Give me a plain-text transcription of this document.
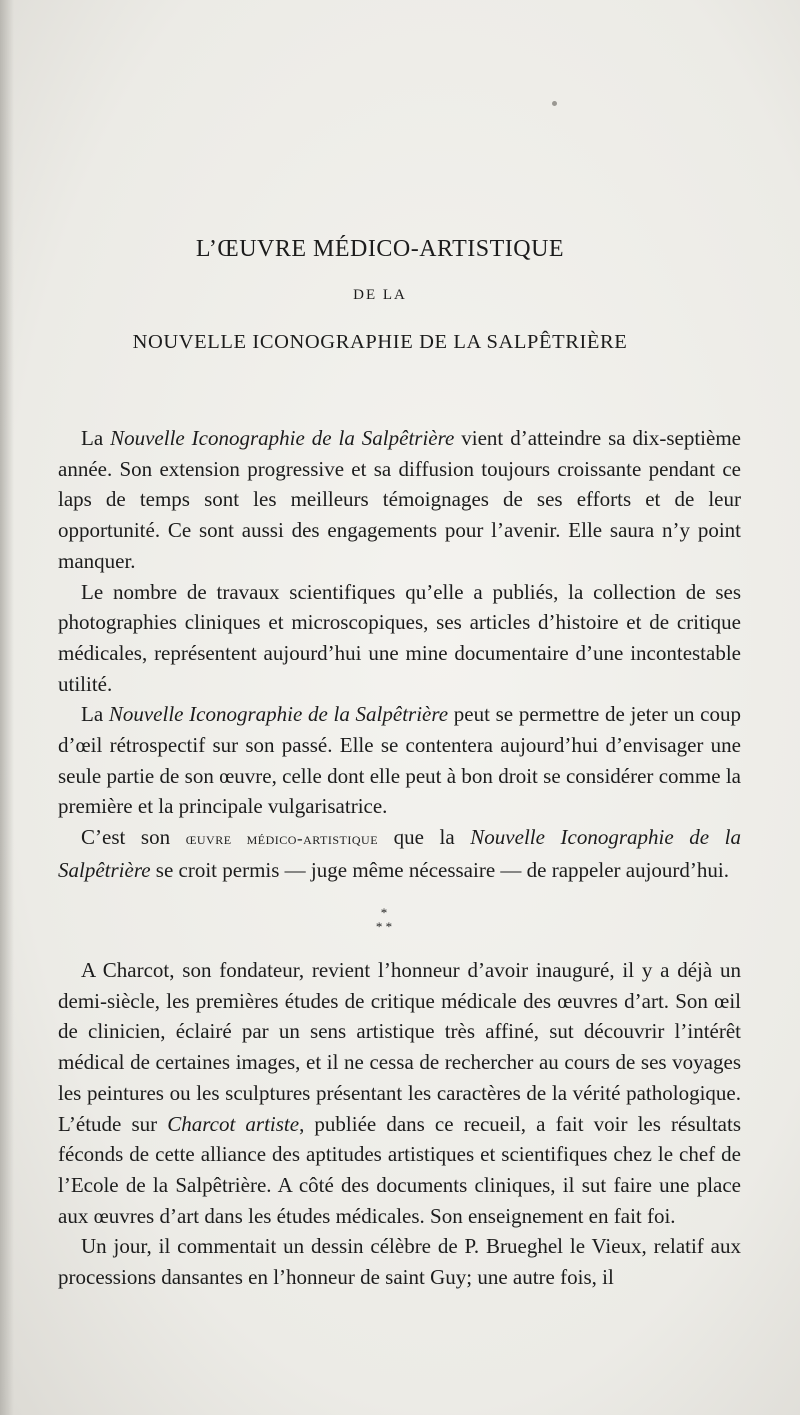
L’ŒUVRE MÉDICO-ARTISTIQUE
DE LA
NOUVELLE ICONOGRAPHIE DE LA SALPÊTRIÈRE

La Nouvelle Iconographie de la Salpêtrière vient d’atteindre sa dix-septième année. Son extension progressive et sa diffusion toujours croissante pendant ce laps de temps sont les meilleurs témoignages de ses efforts et de leur opportunité. Ce sont aussi des engagements pour l’avenir. Elle saura n’y point manquer.

Le nombre de travaux scientifiques qu’elle a publiés, la collection de ses photographies cliniques et microscopiques, ses articles d’histoire et de critique médicales, représentent aujourd’hui une mine documentaire d’une incontestable utilité.

La Nouvelle Iconographie de la Salpêtrière peut se permettre de jeter un coup d’œil rétrospectif sur son passé. Elle se contentera aujourd’hui d’envisager une seule partie de son œuvre, celle dont elle peut à bon droit se considérer comme la première et la principale vulgarisatrice.

C’est son œuvre médico-artistique que la Nouvelle Iconographie de la Salpêtrière se croit permis — juge même nécessaire — de rappeler aujourd’hui.

*
* *

A Charcot, son fondateur, revient l’honneur d’avoir inauguré, il y a déjà un demi-siècle, les premières études de critique médicale des œuvres d’art. Son œil de clinicien, éclairé par un sens artistique très affiné, sut découvrir l’intérêt médical de certaines images, et il ne cessa de rechercher au cours de ses voyages les peintures ou les sculptures présentant les caractères de la vérité pathologique. L’étude sur Charcot artiste, publiée dans ce recueil, a fait voir les résultats féconds de cette alliance des aptitudes artistiques et scientifiques chez le chef de l’Ecole de la Salpêtrière. A côté des documents cliniques, il sut faire une place aux œuvres d’art dans les études médicales. Son enseignement en fait foi.

Un jour, il commentait un dessin célèbre de P. Brueghel le Vieux, relatif aux processions dansantes en l’honneur de saint Guy; une autre fois, il
